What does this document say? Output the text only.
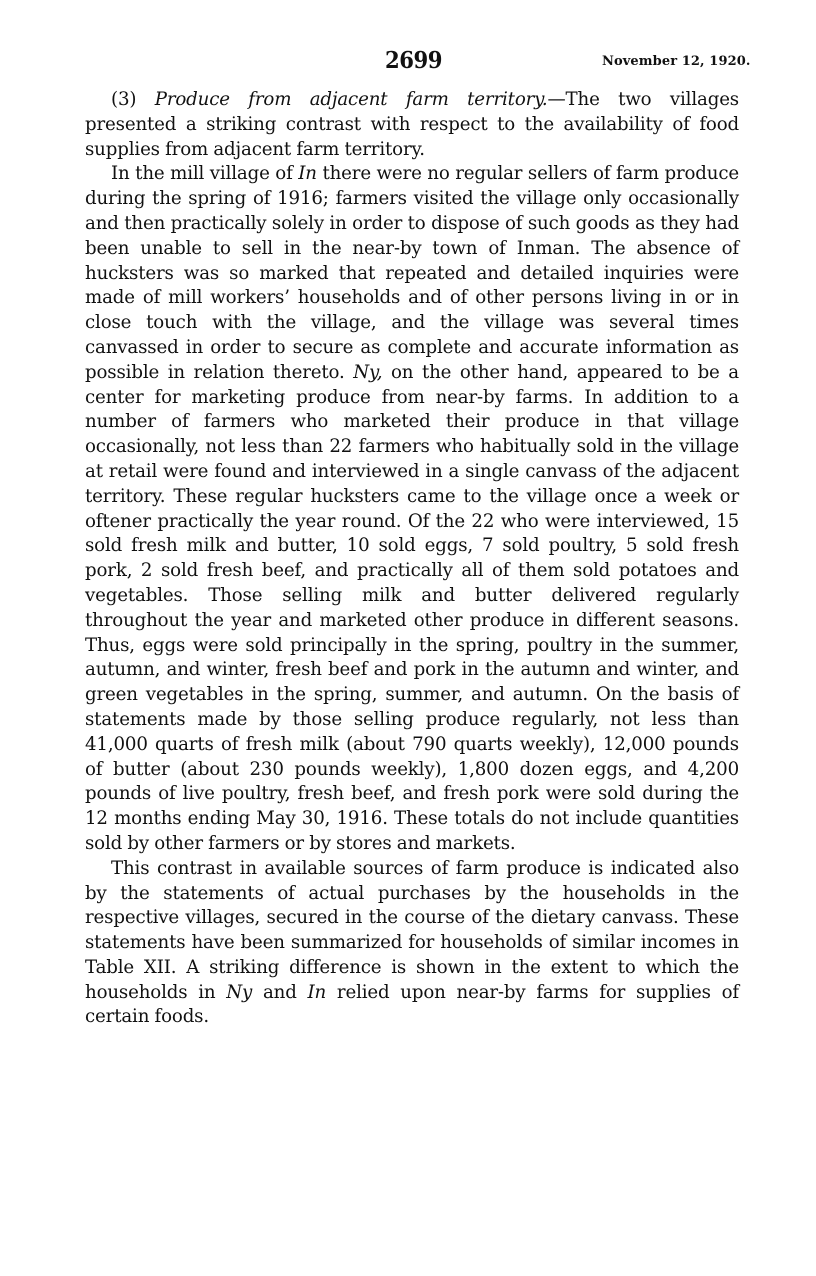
2699	November 12, 1920.

(3) Produce from adjacent farm territory.—The two villages presented a striking contrast with respect to the availability of food supplies from adjacent farm territory.

In the mill village of In there were no regular sellers of farm produce during the spring of 1916; farmers visited the village only occasionally and then practically solely in order to dispose of such goods as they had been unable to sell in the near-by town of Inman. The absence of hucksters was so marked that repeated and detailed inquiries were made of mill workers’ households and of other persons living in or in close touch with the village, and the village was several times canvassed in order to secure as complete and accurate information as possible in relation thereto. Ny, on the other hand, appeared to be a center for marketing produce from near-by farms. In addition to a number of farmers who marketed their produce in that village occasionally, not less than 22 farmers who habitually sold in the village at retail were found and interviewed in a single canvass of the adjacent territory. These regular hucksters came to the village once a week or oftener practically the year round. Of the 22 who were interviewed, 15 sold fresh milk and butter, 10 sold eggs, 7 sold poultry, 5 sold fresh pork, 2 sold fresh beef, and practically all of them sold potatoes and vegetables. Those selling milk and butter delivered regularly throughout the year and marketed other produce in different seasons. Thus, eggs were sold principally in the spring, poultry in the summer, autumn, and winter, fresh beef and pork in the autumn and winter, and green vegetables in the spring, summer, and autumn. On the basis of statements made by those selling produce regularly, not less than 41,000 quarts of fresh milk (about 790 quarts weekly), 12,000 pounds of butter (about 230 pounds weekly), 1,800 dozen eggs, and 4,200 pounds of live poultry, fresh beef, and fresh pork were sold during the 12 months ending May 30, 1916. These totals do not include quantities sold by other farmers or by stores and markets.

This contrast in available sources of farm produce is indicated also by the statements of actual purchases by the households in the respective villages, secured in the course of the dietary canvass. These statements have been summarized for households of similar incomes in Table XII. A striking difference is shown in the extent to which the households in Ny and In relied upon near-by farms for supplies of certain foods.
